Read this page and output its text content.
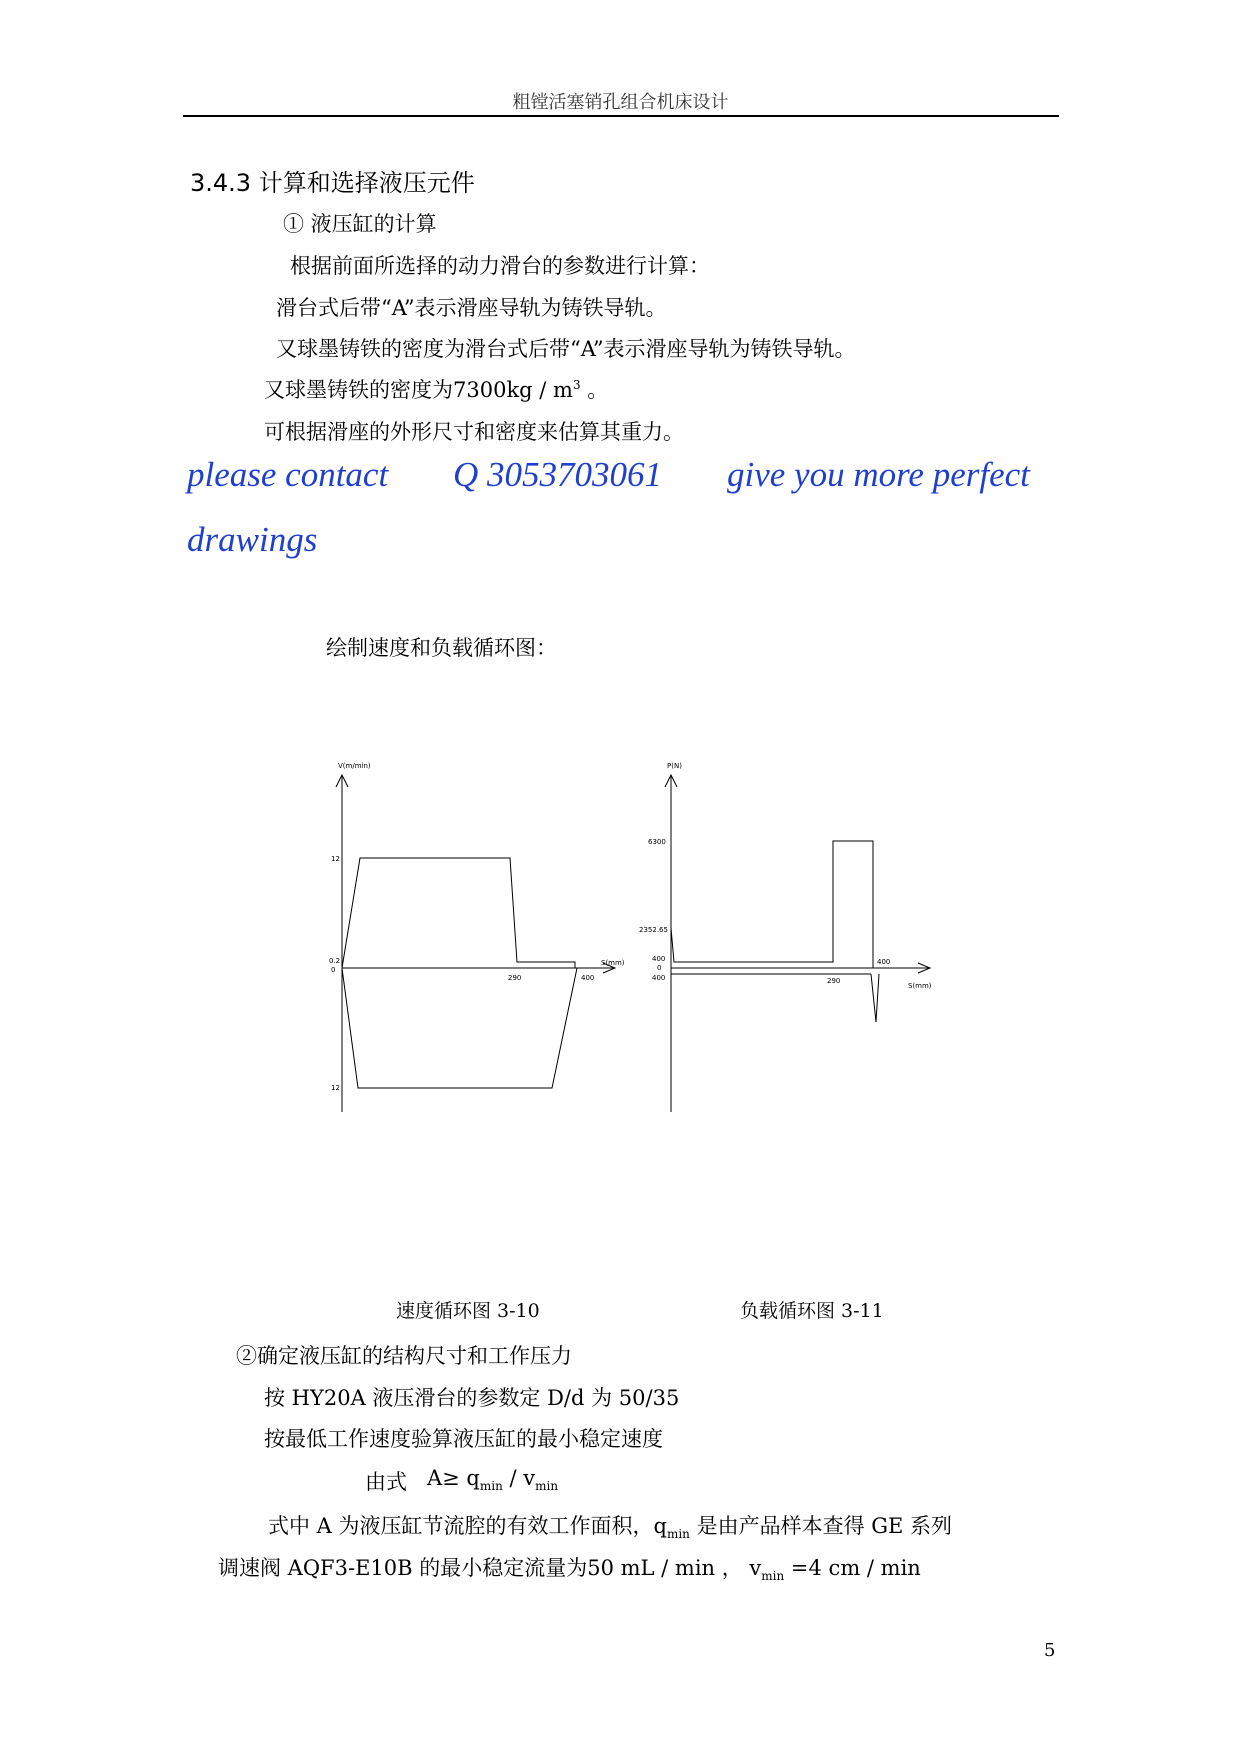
粗镗活塞销孔组合机床设计
3.4.3 计算和选择液压元件
① 液压缸的计算
根据前面所选择的动力滑台的参数进行计算：
滑台式后带“A”表示滑座导轨为铸铁导轨。
又球墨铸铁的密度为滑台式后带“A”表示滑座导轨为铸铁导轨。
又球墨铸铁的密度为$7300kg / m^3$ 。
可根据滑座的外形尺寸和密度来估算其重力。
please contact Q 3053703061 give you more perfect
drawings
绘制速度和负载循环图：
V(m/min)
12
0.2
0
12
S(mm)
290	400
P(N)
6300
2352.65
400
0
400	290
400
S(mm)
速度循环图 3-10	负载循环图 3-11
②确定液压缸的结构尺寸和工作压力
按 HY20A 液压滑台的参数定 D/d 为 50/35
按最低工作速度验算液压缸的最小稳定速度
由式 $A\ge q_{min} / v_{min}$
式中 A 为液压缸节流腔的有效工作面积，$q_{min}$ 是由产品样本查得 GE 系列
调速阀 AQF3-E10B 的最小稳定流量为50 mL / min ， $v_{min} =4$ cm / min
5
